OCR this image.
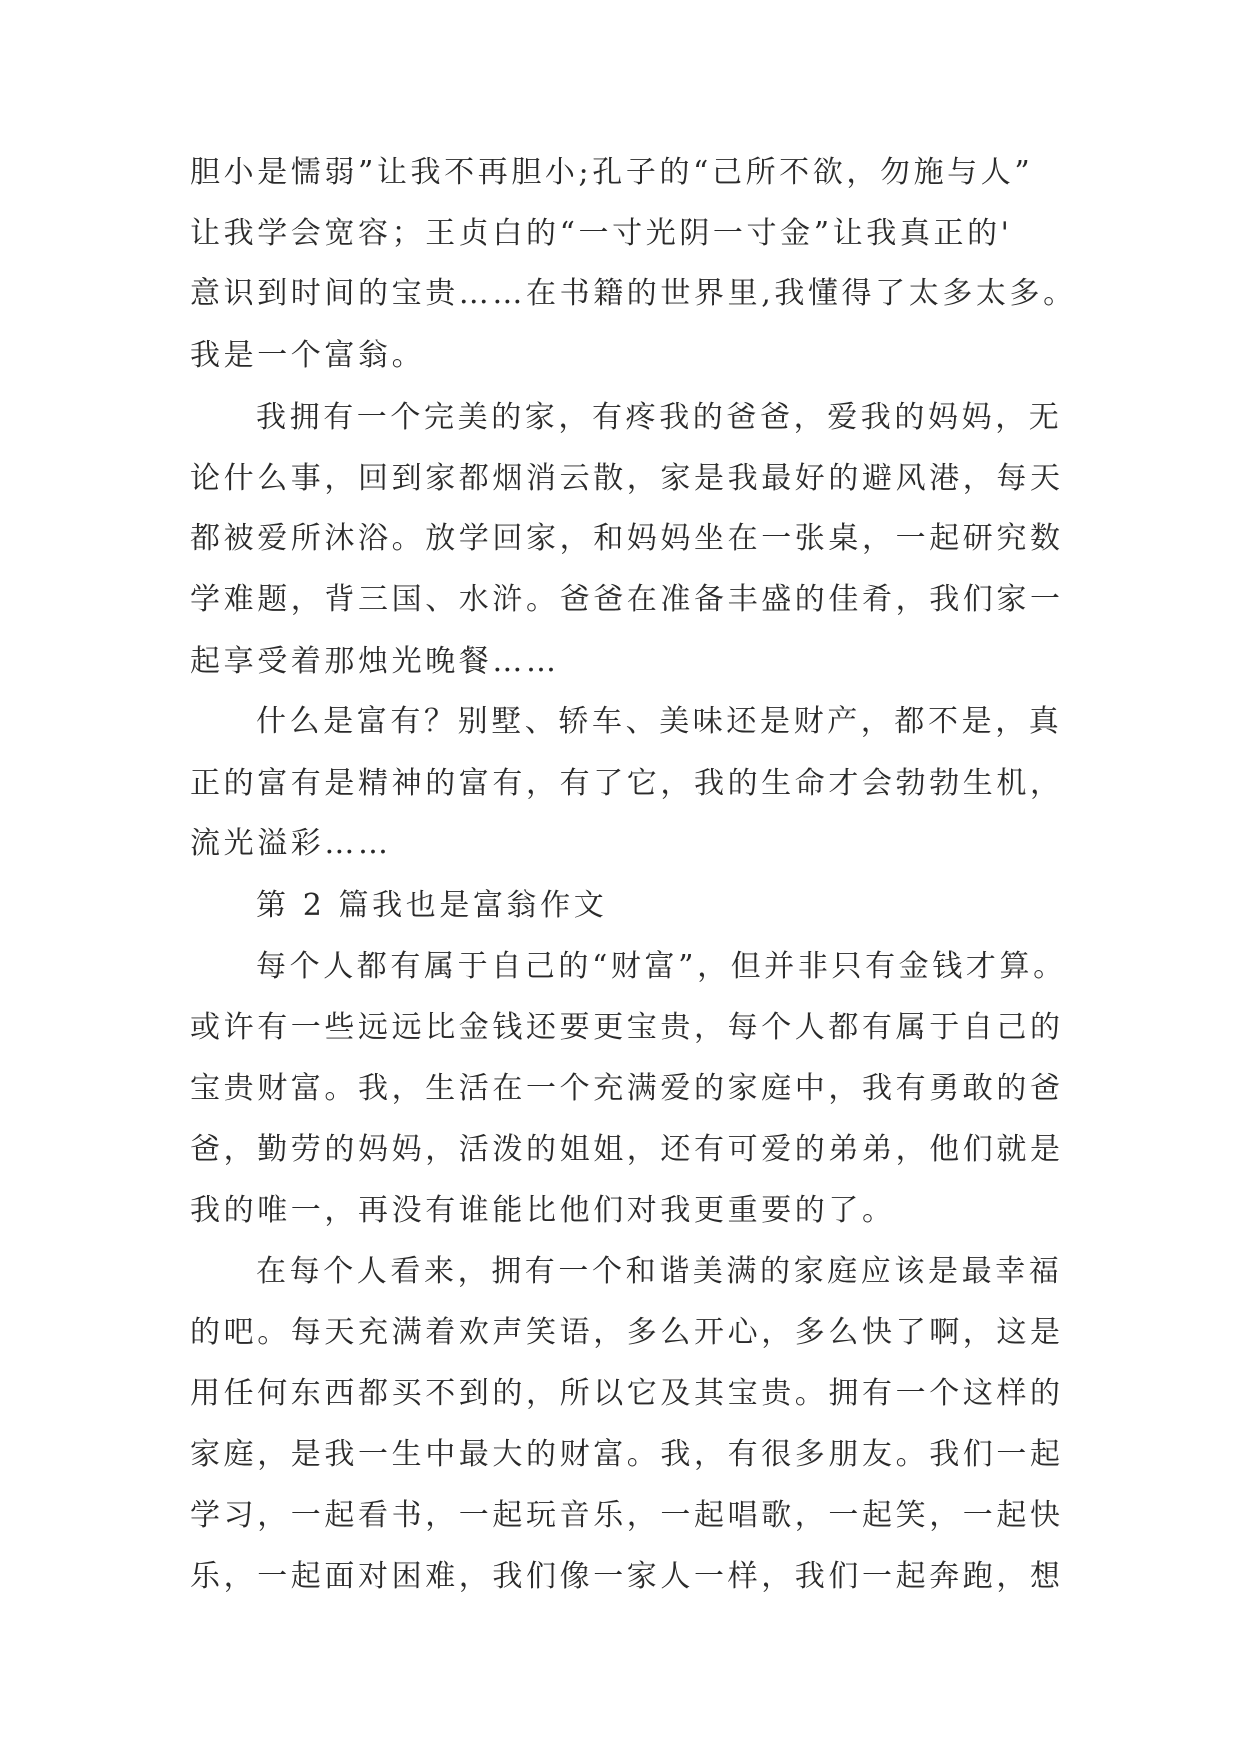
胆小是懦弱”让我不再胆小;孔子的“己所不欲，勿施与人”
让我学会宽容；王贞白的“一寸光阴一寸金”让我真正的'
意识到时间的宝贵……在书籍的世界里,我懂得了太多太多。
我是一个富翁。
我拥有一个完美的家，有疼我的爸爸，爱我的妈妈，无
论什么事，回到家都烟消云散，家是我最好的避风港，每天
都被爱所沐浴。放学回家，和妈妈坐在一张桌，一起研究数
学难题，背三国、水浒。爸爸在准备丰盛的佳肴，我们家一
起享受着那烛光晚餐……
什么是富有？别墅、轿车、美味还是财产，都不是，真
正的富有是精神的富有，有了它，我的生命才会勃勃生机，
流光溢彩……
第 2 篇我也是富翁作文
每个人都有属于自己的“财富”，但并非只有金钱才算。
或许有一些远远比金钱还要更宝贵，每个人都有属于自己的
宝贵财富。我，生活在一个充满爱的家庭中，我有勇敢的爸
爸，勤劳的妈妈，活泼的姐姐，还有可爱的弟弟，他们就是
我的唯一，再没有谁能比他们对我更重要的了。
在每个人看来，拥有一个和谐美满的家庭应该是最幸福
的吧。每天充满着欢声笑语，多么开心，多么快了啊，这是
用任何东西都买不到的，所以它及其宝贵。拥有一个这样的
家庭，是我一生中最大的财富。我，有很多朋友。我们一起
学习，一起看书，一起玩音乐，一起唱歌，一起笑，一起快
乐，一起面对困难，我们像一家人一样，我们一起奔跑，想
